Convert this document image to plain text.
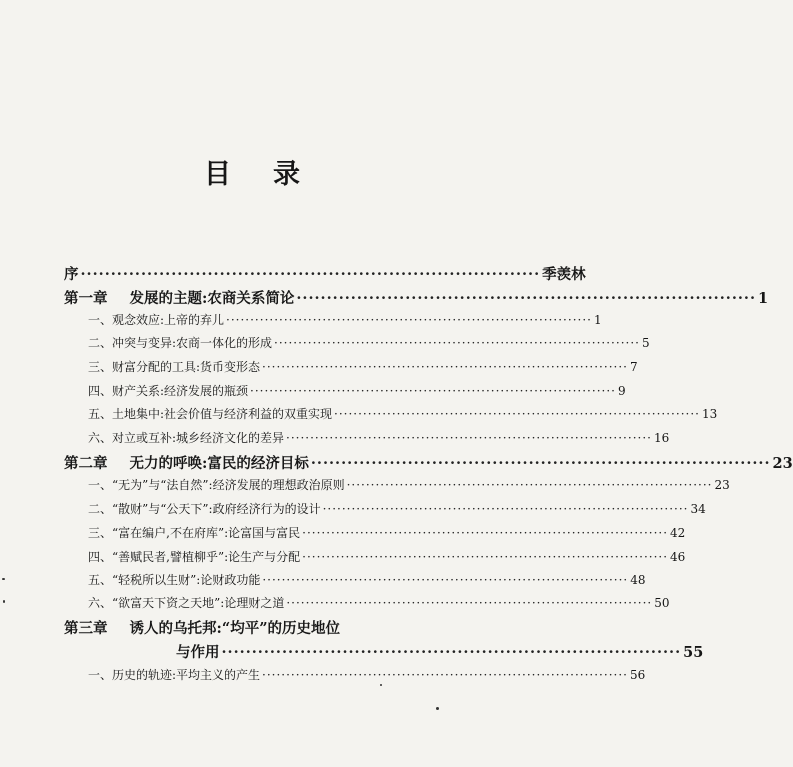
目 录
序 ············································································ 季羡林
第一章 发展的主题:农商关系简论 ············································································ 1
一、观念效应:上帝的弃儿 ············································································ 1
二、冲突与变异:农商一体化的形成 ············································································ 5
三、财富分配的工具:货币变形态 ············································································ 7
四、财产关系:经济发展的瓶颈 ············································································ 9
五、土地集中:社会价值与经济利益的双重实现 ············································································ 13
六、对立或互补:城乡经济文化的差异 ············································································ 16
第二章 无力的呼唤:富民的经济目标 ············································································ 23
一、“无为”与“法自然”:经济发展的理想政治原则 ············································································ 23
二、“散财”与“公天下”:政府经济行为的设计 ············································································ 34
三、“富在编户,不在府库”:论富国与富民 ············································································ 42
四、“善赋民者,譬植柳乎”:论生产与分配 ············································································ 46
五、“轻税所以生财”:论财政功能 ············································································ 48
六、“欲富天下资之天地”:论理财之道 ············································································ 50
第三章 诱人的乌托邦:“均平”的历史地位
与作用 ············································································ 55
一、历史的轨迹:平均主义的产生 ············································································ 56
